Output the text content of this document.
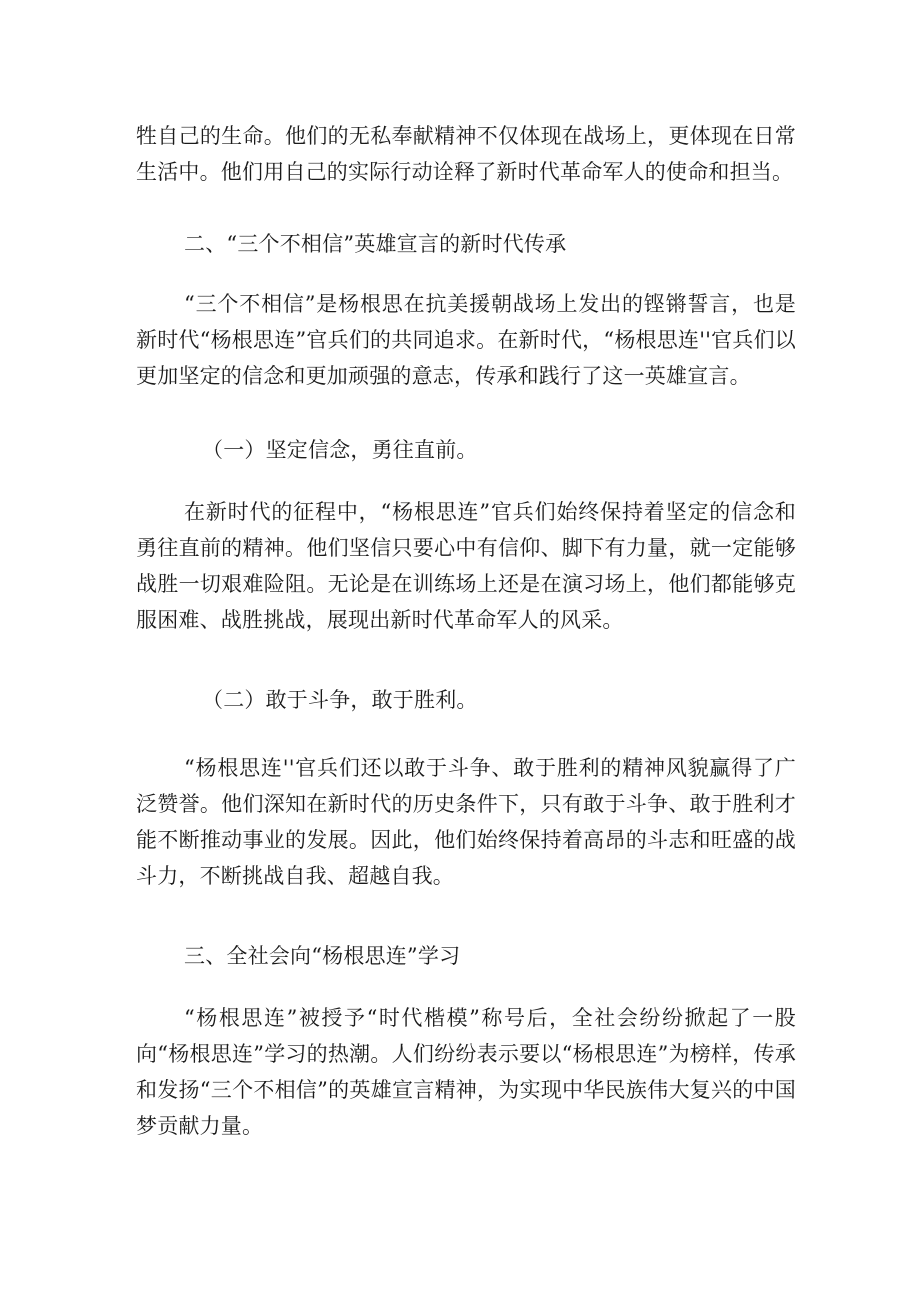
牲自己的生命。他们的无私奉献精神不仅体现在战场上，更体现在日常生活中。他们用自己的实际行动诠释了新时代革命军人的使命和担当。

二、“三个不相信”英雄宣言的新时代传承

“三个不相信”是杨根思在抗美援朝战场上发出的铿锵誓言，也是新时代“杨根思连”官兵们的共同追求。在新时代，“杨根思连''官兵们以更加坚定的信念和更加顽强的意志，传承和践行了这一英雄宣言。

（一）坚定信念，勇往直前。

在新时代的征程中，“杨根思连”官兵们始终保持着坚定的信念和勇往直前的精神。他们坚信只要心中有信仰、脚下有力量，就一定能够战胜一切艰难险阻。无论是在训练场上还是在演习场上，他们都能够克服困难、战胜挑战，展现出新时代革命军人的风采。

（二）敢于斗争，敢于胜利。

“杨根思连''官兵们还以敢于斗争、敢于胜利的精神风貌赢得了广泛赞誉。他们深知在新时代的历史条件下，只有敢于斗争、敢于胜利才能不断推动事业的发展。因此，他们始终保持着高昂的斗志和旺盛的战斗力，不断挑战自我、超越自我。

三、全社会向“杨根思连”学习

“杨根思连”被授予“时代楷模”称号后，全社会纷纷掀起了一股向“杨根思连”学习的热潮。人们纷纷表示要以“杨根思连”为榜样，传承和发扬“三个不相信”的英雄宣言精神，为实现中华民族伟大复兴的中国梦贡献力量。
